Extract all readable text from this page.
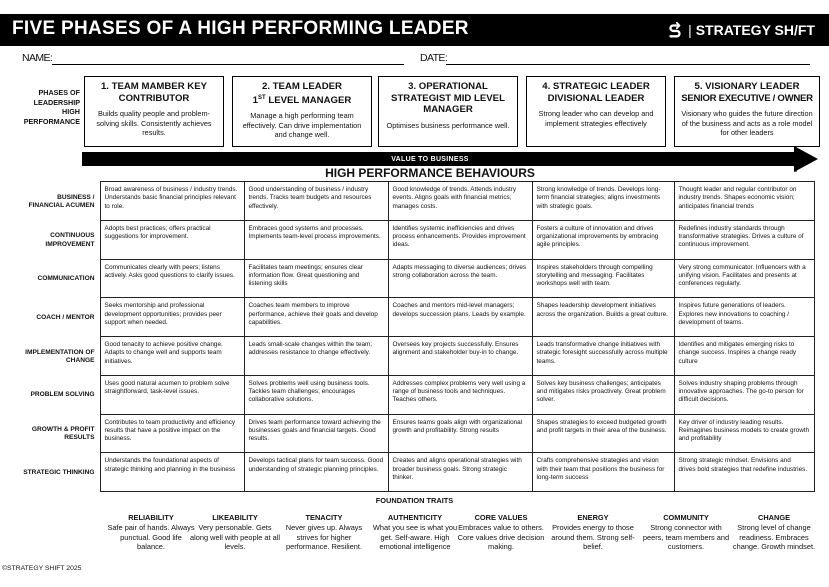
FIVE PHASES OF A HIGH PERFORMING LEADER	| STRATEGY SH/FT
NAME:	DATE:
PHASES OF LEADERSHIP HIGH PERFORMANCE
1. TEAM MAMBER KEY CONTRIBUTOR
Builds quality people and problem-solving skills. Consistently achieves results.
2. TEAM LEADER
1ST LEVEL MANAGER
Manage a high performing team effectively. Can drive implementation and change well.
3. OPERATIONAL STRATEGIST MID LEVEL MANAGER
Optimises business performance well.
4. STRATEGIC LEADER DIVISIONAL LEADER
Strong leader who can develop and implement strategies effectively
5. VISIONARY LEADER
SENIOR EXECUTIVE / OWNER
Visionary who guides the future direction of the business and acts as a role model for other leaders
VALUE TO BUSINESS
HIGH PERFORMANCE BEHAVIOURS
BUSINESS / FINANCIAL ACUMEN	Broad awareness of business / industry trends. Understands basic financial principles relevant to role.	Good understanding of business / industry trends. Tracks team budgets and resources effectively.	Good knowledge of trends. Attends industry events. Aligns goals with financial metrics; manages costs.	Strong knowledge of trends. Develops long-term financial strategies; aligns investments with strategic goals.	Thought leader and regular contributor on industry trends. Shapes economic vision; anticipates financial trends
CONTINUOUS IMPROVEMENT	Adopts best practices; offers practical suggestions for improvement.	Embraces good systems and processes. Implements team-level process improvements.	Identifies systemic inefficiencies and drives process enhancements. Provides improvement ideas.	Fosters a culture of innovation and drives organizational improvements by embracing agile principles.	Redefines industry standards through transformative strategies. Drives a culture of continuous improvement.
COMMUNICATION	Communicates clearly with peers; listens actively. Asks good questions to clarify issues.	Facilitates team meetings; ensures clear information flow. Great questioning and listening skills	Adapts messaging to diverse audiences; drives strong collaboration across the team.	Inspires stakeholders through compelling storytelling and messaging. Facilitates workshops well with team.	Very strong communicator. Influencers with a unifying vision. Facilitates and presents at conferences regularly.
COACH / MENTOR	Seeks mentorship and professional development opportunities; provides peer support when needed.	Coaches team members to improve performance, achieve their goals and develop capabilities.	Coaches and mentors mid-level managers; develops succession plans. Leads by example.	Shapes leadership development initiatives across the organization. Builds a great culture.	Inspires future generations of leaders. Explores new innovations to coaching / development of teams.
IMPLEMENTATION OF CHANGE	Good tenacity to achieve positive change. Adapts to change well and supports team initiatives.	Leads small-scale changes within the team; addresses resistance to change effectively.	Oversees key projects successfully. Ensures alignment and stakeholder buy-in to change.	Leads transformative change initiatives with strategic foresight successfully across multiple teams.	Identifies and mitigates emerging risks to change success. Inspires a change ready culture
PROBLEM SOLVING	Uses good natural acumen to problem solve straightforward, task-level issues.	Solves problems well using business tools. Tackles team challenges; encourages collaborative solutions.	Addresses complex problems very well using a range of business tools and techniques. Teaches others.	Solves key business challenges; anticipates and mitigates risks proactively. Great problem solver.	Solves industry shaping problems through innovative approaches. The go-to person for difficult decisions.
GROWTH & PROFIT RESULTS	Contributes to team productivity and efficiency results that have a positive impact on the business.	Drives team performance toward achieving the businesses goals and financial targets. Good results.	Ensures teams goals align with organizational growth and profitability. Strong results	Shapes strategies to exceed budgeted growth and profit targets in their area of the business.	Key driver of industry leading results. Reimagines business models to create growth and profitability
STRATEGIC THINKING	Understands the foundational aspects of strategic thinking and planning in the business	Develops tactical plans for team success. Good understanding of strategic planning principles.	Creates and aligns operational strategies with broader business goals. Strong strategic thinker.	Crafts comprehensive strategies and vision with their team that positions the business for long-term success	Strong strategic mindset. Envisions and drives bold strategies that redefine industries.
FOUNDATION TRAITS
RELIABILITY
Safe pair of hands. Always punctual. Good life balance.
LIKEABILITY
Very personable. Gets along well with people at all levels.
TENACITY
Never gives up. Always strives for higher performance. Resilient.
AUTHENTICITY
What you see is what you get. Self-aware. High emotional intelligence
CORE VALUES
Embraces value to others. Core values drive decision making.
ENERGY
Provides energy to those around them. Strong self-belief.
COMMUNITY
Strong connector with peers, team members and customers.
CHANGE
Strong level of change readiness. Embraces change. Growth mindset.
©STRATEGY SHIFT 2025
